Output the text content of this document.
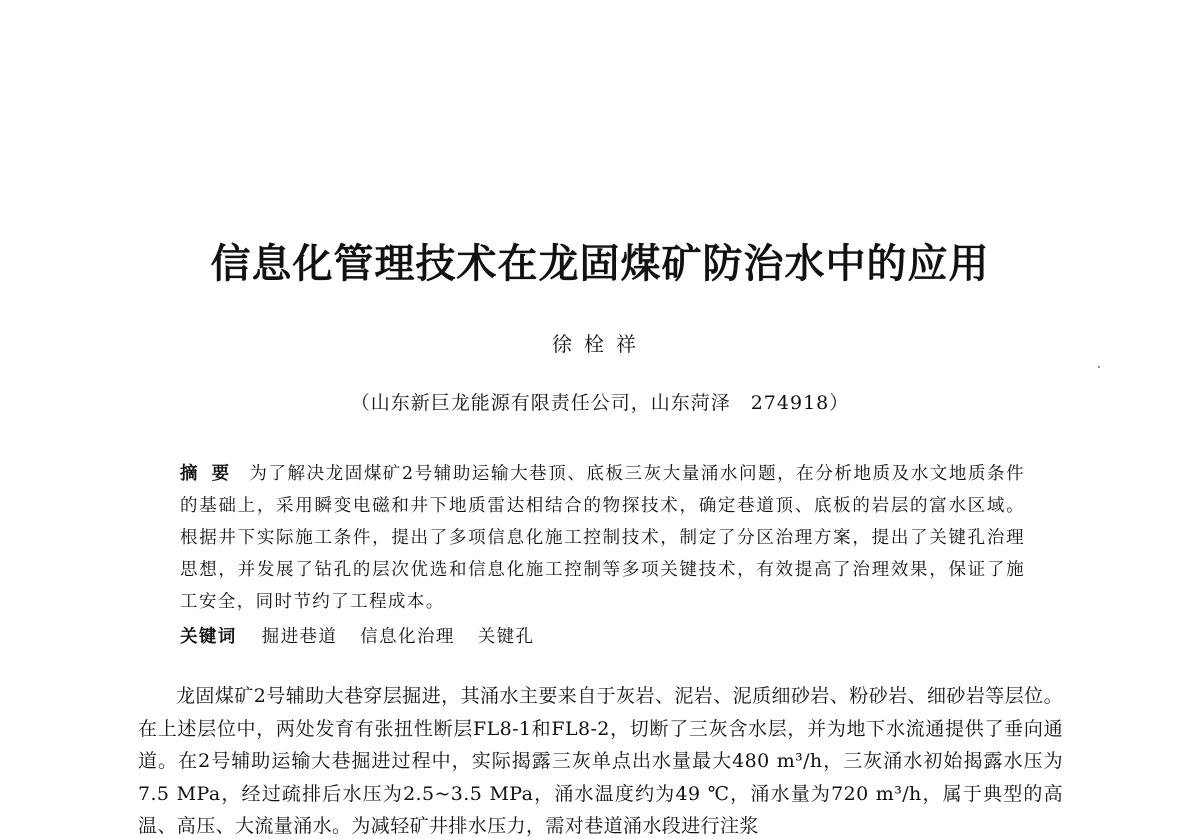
信息化管理技术在龙固煤矿防治水中的应用
徐栓祥
（山东新巨龙能源有限责任公司，山东菏泽　274918）
摘要 为了解决龙固煤矿2号辅助运输大巷顶、底板三灰大量涌水问题，在分析地质及水文地质条件的基础上，采用瞬变电磁和井下地质雷达相结合的物探技术，确定巷道顶、底板的岩层的富水区域。根据井下实际施工条件，提出了多项信息化施工控制技术，制定了分区治理方案，提出了关键孔治理思想，并发展了钻孔的层次优选和信息化施工控制等多项关键技术，有效提高了治理效果，保证了施工安全，同时节约了工程成本。
关键词 掘进巷道 信息化治理 关键孔
龙固煤矿2号辅助大巷穿层掘进，其涌水主要来自于灰岩、泥岩、泥质细砂岩、粉砂岩、细砂岩等层位。在上述层位中，两处发育有张扭性断层FL8-1和FL8-2，切断了三灰含水层，并为地下水流通提供了垂向通道。在2号辅助运输大巷掘进过程中，实际揭露三灰单点出水量最大480 m³/h，三灰涌水初始揭露水压为7.5 MPa，经过疏排后水压为2.5~3.5 MPa，涌水温度约为49 ℃，涌水量为720 m³/h，属于典型的高温、高压、大流量涌水。为减轻矿井排水压力，需对巷道涌水段进行注浆
